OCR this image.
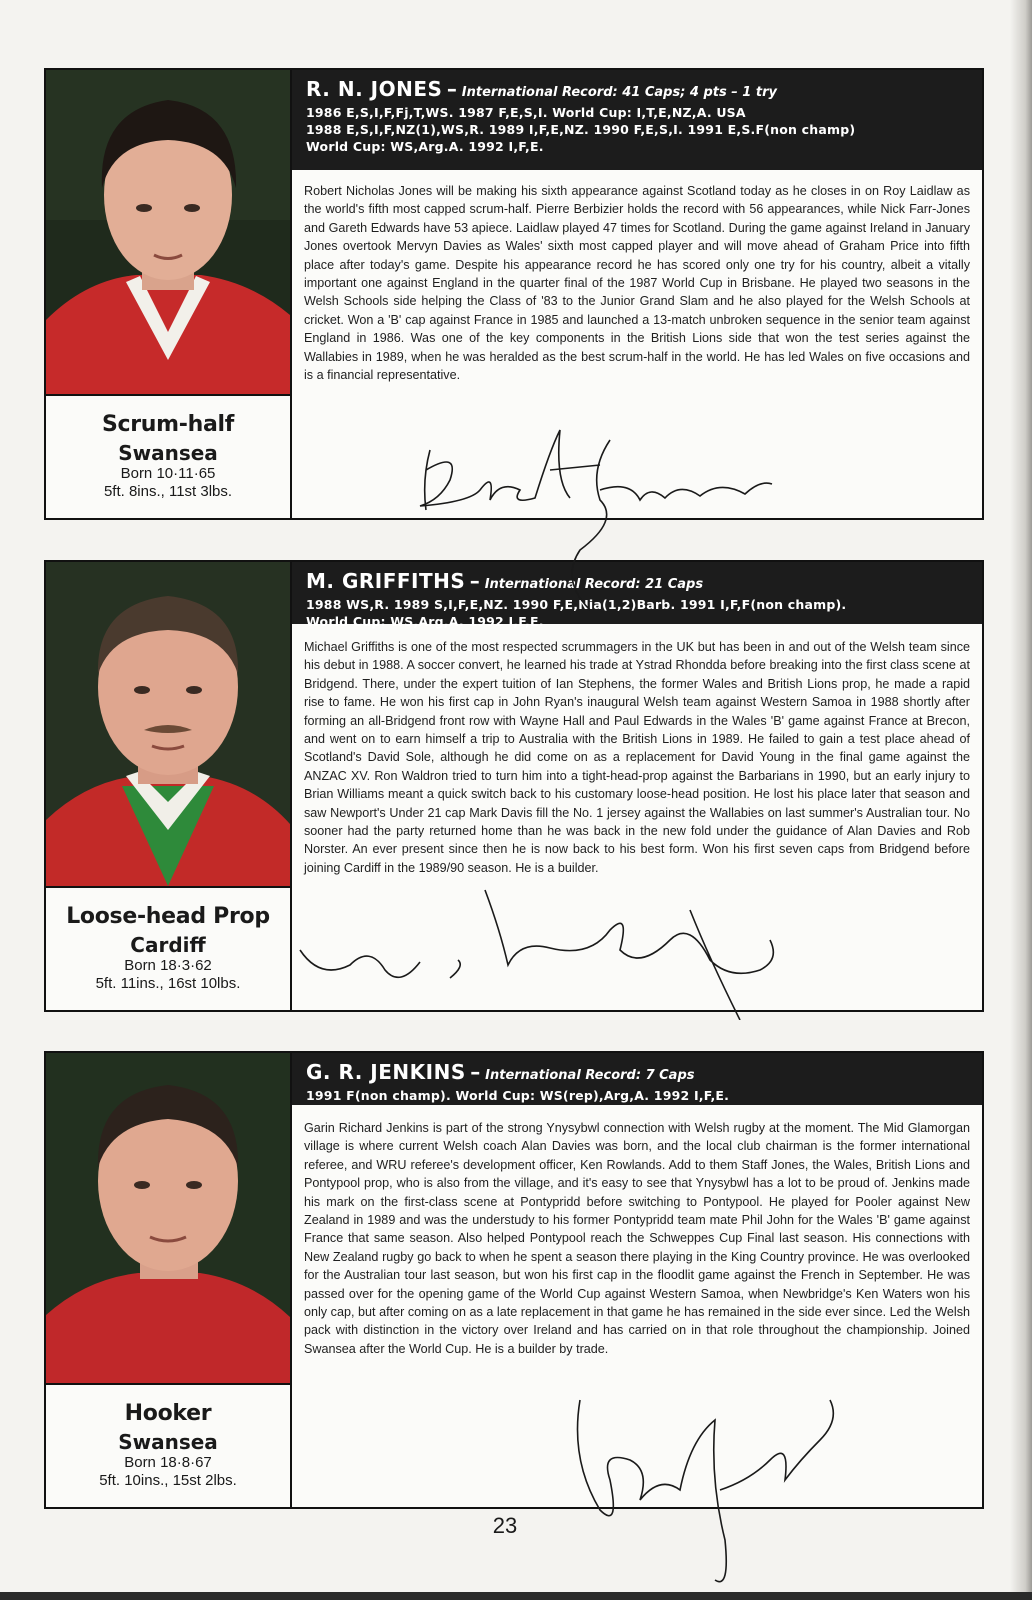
Scrum-half
Swansea
Born 10·11·65
5ft. 8ins., 11st 3lbs.
R. N. JONES – International Record: 41 Caps; 4 pts – 1 try
1986 E,S,I,F,Fj,T,WS. 1987 F,E,S,I. World Cup: I,T,E,NZ,A. USA
1988 E,S,I,F,NZ(1),WS,R. 1989 I,F,E,NZ. 1990 F,E,S,I. 1991 E,S.F(non champ)
World Cup: WS,Arg.A. 1992 I,F,E.
Robert Nicholas Jones will be making his sixth appearance against Scotland today as he closes in on Roy Laidlaw as the world's fifth most capped scrum-half. Pierre Berbizier holds the record with 56 appearances, while Nick Farr-Jones and Gareth Edwards have 53 apiece. Laidlaw played 47 times for Scotland. During the game against Ireland in January Jones overtook Mervyn Davies as Wales' sixth most capped player and will move ahead of Graham Price into fifth place after today's game. Despite his appearance record he has scored only one try for his country, albeit a vitally important one against England in the quarter final of the 1987 World Cup in Brisbane. He played two seasons in the Welsh Schools side helping the Class of '83 to the Junior Grand Slam and he also played for the Welsh Schools at cricket. Won a 'B' cap against France in 1985 and launched a 13-match unbroken sequence in the senior team against England in 1986. Was one of the key components in the British Lions side that won the test series against the Wallabies in 1989, when he was heralded as the best scrum-half in the world. He has led Wales on five occasions and is a financial representative.
Loose-head Prop
Cardiff
Born 18·3·62
5ft. 11ins., 16st 10lbs.
M. GRIFFITHS – International Record: 21 Caps
1988 WS,R. 1989 S,I,F,E,NZ. 1990 F,E,Nia(1,2)Barb. 1991 I,F,F(non champ).
World Cup: WS,Arg,A. 1992 I,F,E.
Michael Griffiths is one of the most respected scrummagers in the UK but has been in and out of the Welsh team since his debut in 1988. A soccer convert, he learned his trade at Ystrad Rhondda before breaking into the first class scene at Bridgend. There, under the expert tuition of Ian Stephens, the former Wales and British Lions prop, he made a rapid rise to fame. He won his first cap in John Ryan's inaugural Welsh team against Western Samoa in 1988 shortly after forming an all-Bridgend front row with Wayne Hall and Paul Edwards in the Wales 'B' game against France at Brecon, and went on to earn himself a trip to Australia with the British Lions in 1989. He failed to gain a test place ahead of Scotland's David Sole, although he did come on as a replacement for David Young in the final game against the ANZAC XV. Ron Waldron tried to turn him into a tight-head-prop against the Barbarians in 1990, but an early injury to Brian Williams meant a quick switch back to his customary loose-head position. He lost his place later that season and saw Newport's Under 21 cap Mark Davis fill the No. 1 jersey against the Wallabies on last summer's Australian tour. No sooner had the party returned home than he was back in the new fold under the guidance of Alan Davies and Rob Norster. An ever present since then he is now back to his best form. Won his first seven caps from Bridgend before joining Cardiff in the 1989/90 season. He is a builder.
Hooker
Swansea
Born 18·8·67
5ft. 10ins., 15st 2lbs.
G. R. JENKINS – International Record: 7 Caps
1991 F(non champ). World Cup: WS(rep),Arg,A. 1992 I,F,E.
Garin Richard Jenkins is part of the strong Ynysybwl connection with Welsh rugby at the moment. The Mid Glamorgan village is where current Welsh coach Alan Davies was born, and the local club chairman is the former international referee, and WRU referee's development officer, Ken Rowlands. Add to them Staff Jones, the Wales, British Lions and Pontypool prop, who is also from the village, and it's easy to see that Ynysybwl has a lot to be proud of. Jenkins made his mark on the first-class scene at Pontypridd before switching to Pontypool. He played for Pooler against New Zealand in 1989 and was the understudy to his former Pontypridd team mate Phil John for the Wales 'B' game against France that same season. Also helped Pontypool reach the Schweppes Cup Final last season. His connections with New Zealand rugby go back to when he spent a season there playing in the King Country province. He was overlooked for the Australian tour last season, but won his first cap in the floodlit game against the French in September. He was passed over for the opening game of the World Cup against Western Samoa, when Newbridge's Ken Waters won his only cap, but after coming on as a late replacement in that game he has remained in the side ever since. Led the Welsh pack with distinction in the victory over Ireland and has carried on in that role throughout the championship. Joined Swansea after the World Cup. He is a builder by trade.
23
